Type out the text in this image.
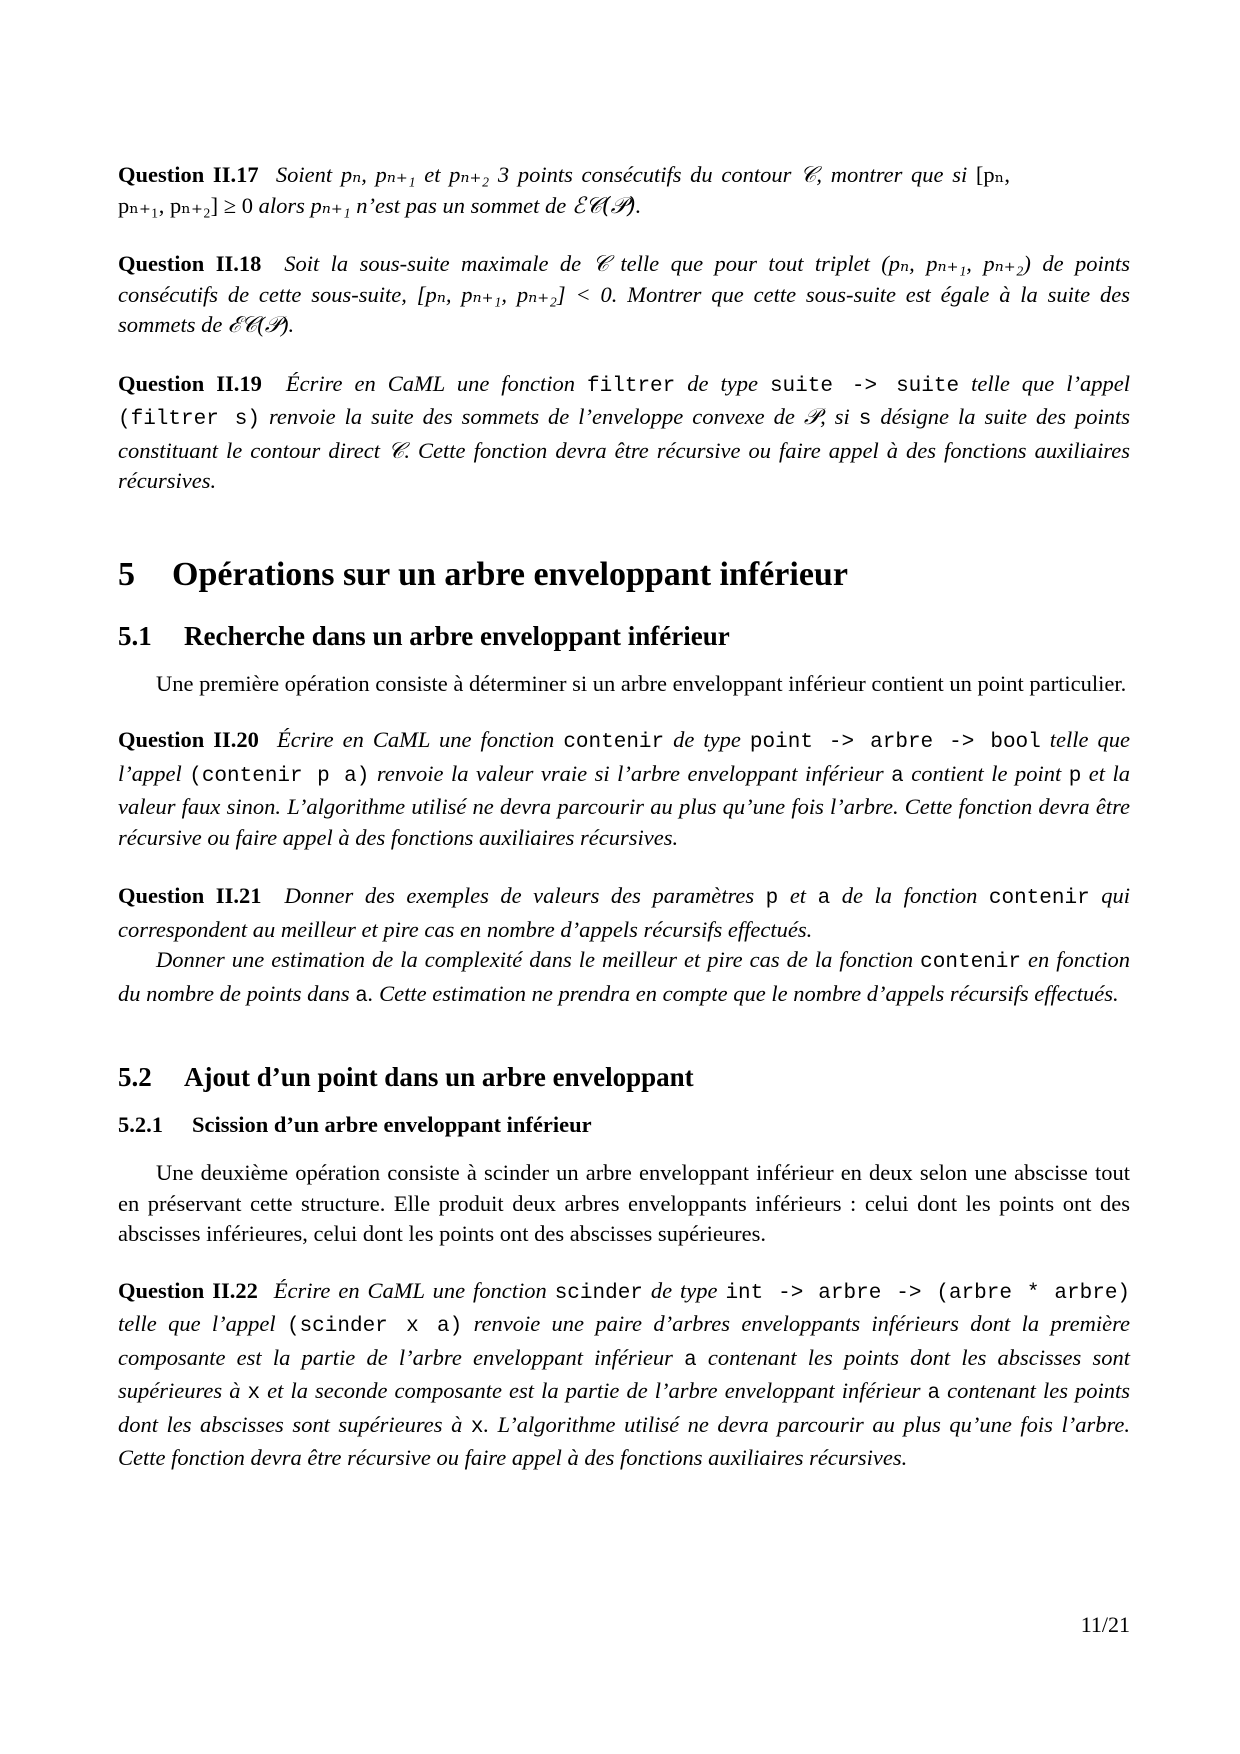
Question II.17 Soient pₙ, pₙ₊₁ et pₙ₊₂ 3 points consécutifs du contour 𝒞, montrer que si [pₙ, pₙ₊₁, pₙ₊₂] ≥ 0 alors pₙ₊₁ n’est pas un sommet de ℰ𝒞(𝒫).

Question II.18 Soit la sous-suite maximale de 𝒞 telle que pour tout triplet (pₙ, pₙ₊₁, pₙ₊₂) de points consécutifs de cette sous-suite, [pₙ, pₙ₊₁, pₙ₊₂] < 0. Montrer que cette sous-suite est égale à la suite des sommets de ℰ𝒞(𝒫).

Question II.19 Écrire en CaML une fonction filtrer de type suite -> suite telle que l’appel (filtrer s) renvoie la suite des sommets de l’enveloppe convexe de 𝒫, si s désigne la suite des points constituant le contour direct 𝒞. Cette fonction devra être récursive ou faire appel à des fonctions auxiliaires récursives.

5 Opérations sur un arbre enveloppant inférieur
5.1 Recherche dans un arbre enveloppant inférieur

Une première opération consiste à déterminer si un arbre enveloppant inférieur contient un point particulier.

Question II.20 Écrire en CaML une fonction contenir de type point -> arbre -> bool telle que l’appel (contenir p a) renvoie la valeur vraie si l’arbre enveloppant inférieur a contient le point p et la valeur faux sinon. L’algorithme utilisé ne devra parcourir au plus qu’une fois l’arbre. Cette fonction devra être récursive ou faire appel à des fonctions auxiliaires récursives.

Question II.21 Donner des exemples de valeurs des paramètres p et a de la fonction contenir qui correspondent au meilleur et pire cas en nombre d’appels récursifs effectués.

Donner une estimation de la complexité dans le meilleur et pire cas de la fonction contenir en fonction du nombre de points dans a. Cette estimation ne prendra en compte que le nombre d’appels récursifs effectués.

5.2 Ajout d’un point dans un arbre enveloppant
5.2.1 Scission d’un arbre enveloppant inférieur

Une deuxième opération consiste à scinder un arbre enveloppant inférieur en deux selon une abscisse tout en préservant cette structure. Elle produit deux arbres enveloppants inférieurs : celui dont les points ont des abscisses inférieures, celui dont les points ont des abscisses supérieures.

Question II.22 Écrire en CaML une fonction scinder de type int -> arbre -> (arbre * arbre) telle que l’appel (scinder x a) renvoie une paire d’arbres enveloppants inférieurs dont la première composante est la partie de l’arbre enveloppant inférieur a contenant les points dont les abscisses sont supérieures à x et la seconde composante est la partie de l’arbre enveloppant inférieur a contenant les points dont les abscisses sont supérieures à x. L’algorithme utilisé ne devra parcourir au plus qu’une fois l’arbre. Cette fonction devra être récursive ou faire appel à des fonctions auxiliaires récursives.

11/21
